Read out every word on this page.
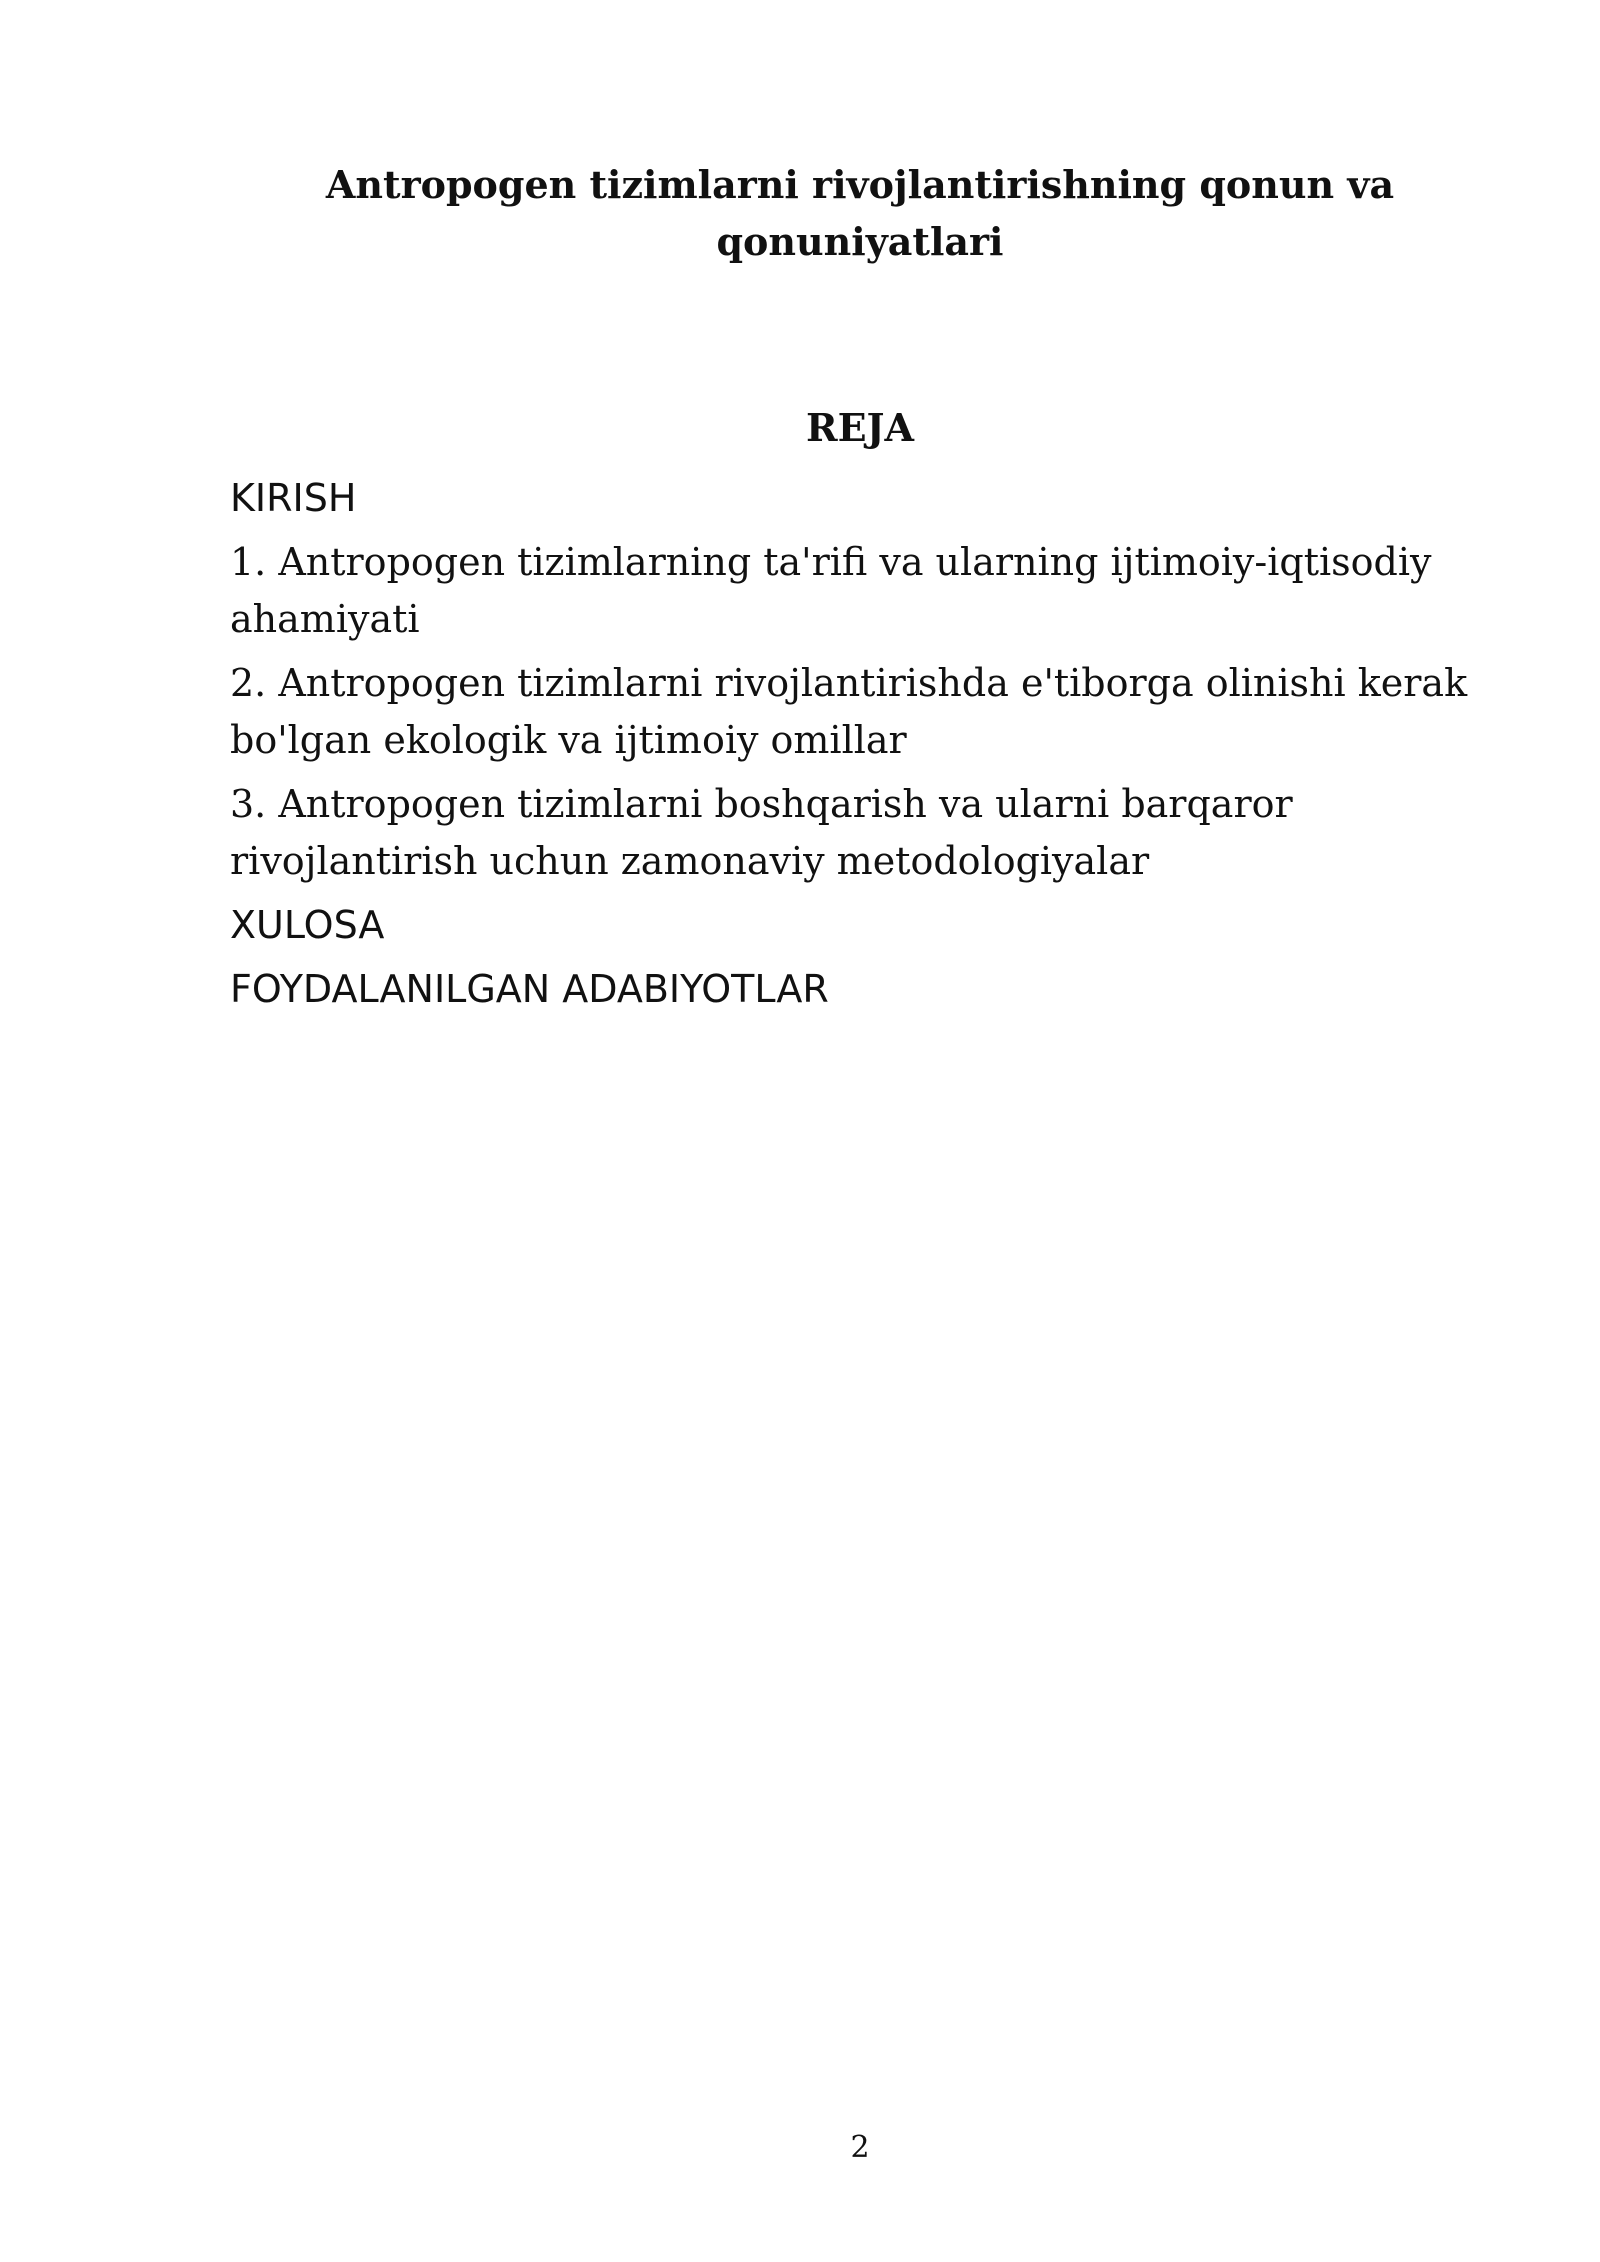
Antropogen tizimlarni rivojlantirishning qonun va qonuniyatlari
REJA
KIRISH
1. Antropogen tizimlarning ta'rifi va ularning ijtimoiy-iqtisodiy ahamiyati
2. Antropogen tizimlarni rivojlantirishda e'tiborga olinishi kerak bo'lgan ekologik va ijtimoiy omillar
3. Antropogen tizimlarni boshqarish va ularni barqaror rivojlantirish uchun zamonaviy metodologiyalar
XULOSA
FOYDALANILGAN ADABIYOTLAR
2
